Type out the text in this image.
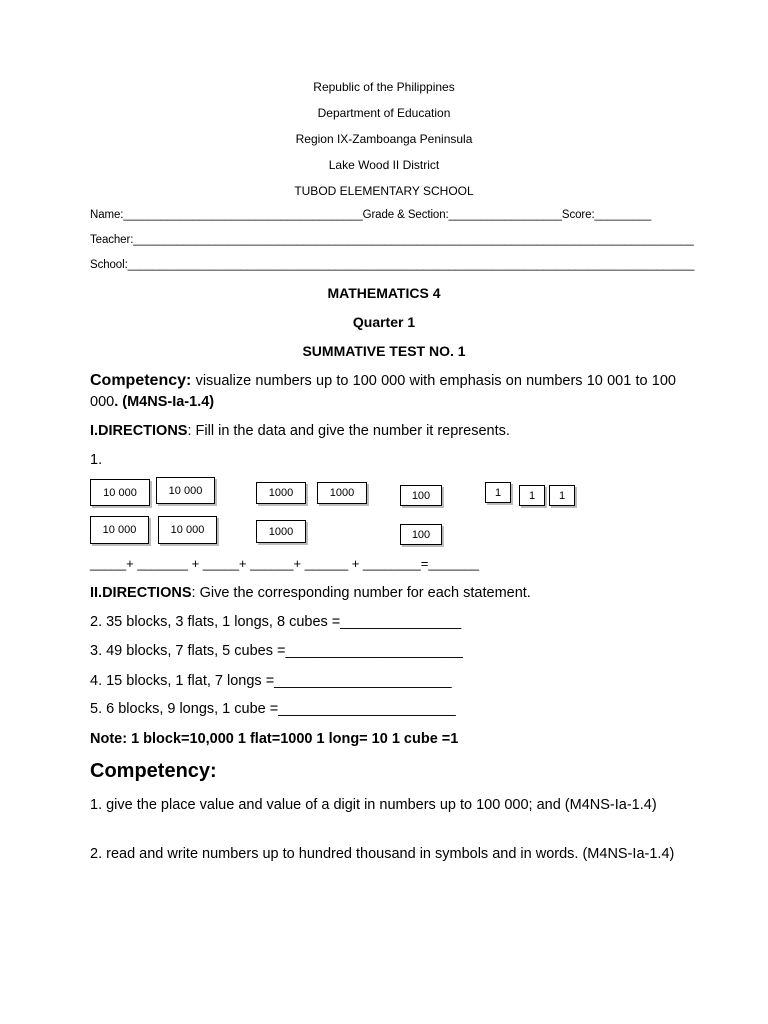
Republic of the Philippines
Department of Education
Region IX-Zamboanga Peninsula
Lake Wood II District
TUBOD ELEMENTARY SCHOOL
Name:______________________________________Grade & Section:__________________Score:_________
Teacher:_________________________________________________________________________________________
School:__________________________________________________________________________________________
MATHEMATICS 4
Quarter 1
SUMMATIVE TEST NO. 1
Competency: visualize numbers up to 100 000 with emphasis on numbers 10 001 to 100 000. (M4NS-Ia-1.4)
I.DIRECTIONS: Fill in the data and give the number it represents.
1.
10 000	10 000	1000	1000	100	1	1	1
10 000	10 000	1000	100
_____+ _______ + _____+ ______+ ______ + ________=_______
II.DIRECTIONS: Give the corresponding number for each statement.
2. 35 blocks, 3 flats, 1 longs, 8 cubes =_______________
3. 49 blocks, 7 flats, 5 cubes =______________________
4. 15 blocks, 1 flat, 7 longs =______________________
5. 6 blocks, 9 longs, 1 cube =______________________
Note: 1 block=10,000 1 flat=1000 1 long= 10 1 cube =1
Competency:
1. give the place value and value of a digit in numbers up to 100 000; and (M4NS-Ia-1.4)
2. read and write numbers up to hundred thousand in symbols and in words. (M4NS-Ia-1.4)
